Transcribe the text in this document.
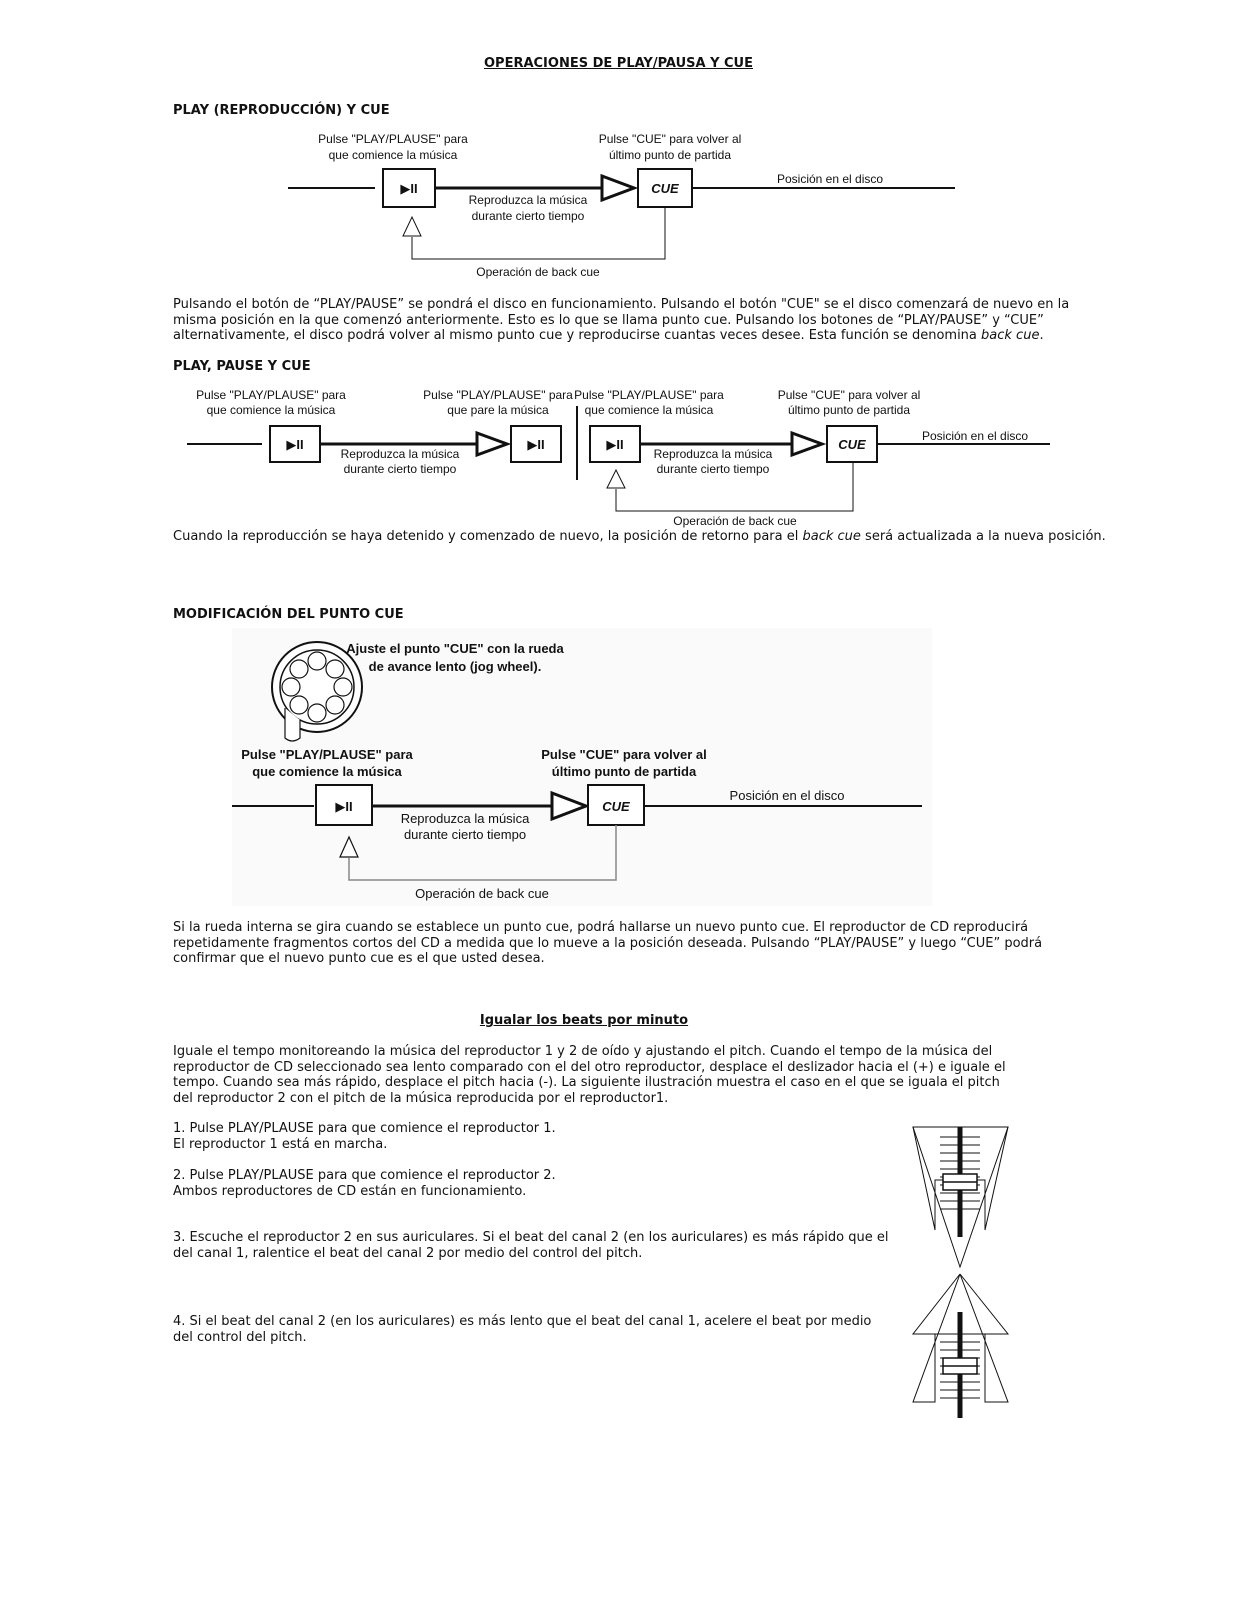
OPERACIONES DE PLAY/PAUSA Y CUE
PLAY (REPRODUCCIÓN) Y CUE
Pulse "PLAY/PLAUSE" para
que comience la música
Pulse "CUE" para volver al
último punto de partida
▶II	CUE
Posición en el disco
Reproduzca la música
durante cierto tiempo
Operación de back cue
Pulsando el botón de “PLAY/PAUSE” se pondrá el disco en funcionamiento. Pulsando el botón "CUE" se el disco comenzará de nuevo en la
misma posición en la que comenzó anteriormente. Esto es lo que se llama punto cue. Pulsando los botones de “PLAY/PAUSE” y “CUE”
alternativamente, el disco podrá volver al mismo punto cue y reproducirse cuantas veces desee. Esta función se denomina back cue.
PLAY, PAUSE Y CUE
Pulse "PLAY/PLAUSE" para
que comience la música
Pulse "PLAY/PLAUSE" para
que pare la música
Pulse "PLAY/PLAUSE" para
que comience la música
Pulse "CUE" para volver al
último punto de partida
▶II	▶II
Reproduzca la música
durante cierto tiempo
▶II	CUE
Posición en el disco
Reproduzca la música
durante cierto tiempo
Operación de back cue
Cuando la reproducción se haya detenido y comenzado de nuevo, la posición de retorno para el back cue será actualizada a la nueva posición.
MODIFICACIÓN DEL PUNTO CUE
Ajuste el punto "CUE" con la rueda
de avance lento (jog wheel).
Pulse "PLAY/PLAUSE" para
que comience la música
Pulse "CUE" para volver al
último punto de partida
▶II	CUE
Posición en el disco
Reproduzca la música
durante cierto tiempo
Operación de back cue
Si la rueda interna se gira cuando se establece un punto cue, podrá hallarse un nuevo punto cue. El reproductor de CD reproducirá
repetidamente fragmentos cortos del CD a medida que lo mueve a la posición deseada. Pulsando “PLAY/PAUSE” y luego “CUE” podrá
confirmar que el nuevo punto cue es el que usted desea.
Igualar los beats por minuto
Iguale el tempo monitoreando la música del reproductor 1 y 2 de oído y ajustando el pitch. Cuando el tempo de la música del
reproductor de CD seleccionado sea lento comparado con el del otro reproductor, desplace el deslizador hacia el (+) e iguale el
tempo. Cuando sea más rápido, desplace el pitch hacia (-). La siguiente ilustración muestra el caso en el que se iguala el pitch
del reproductor 2 con el pitch de la música reproducida por el reproductor1.
1. Pulse PLAY/PLAUSE para que comience el reproductor 1.
El reproductor 1 está en marcha.
2. Pulse PLAY/PLAUSE para que comience el reproductor 2.
Ambos reproductores de CD están en funcionamiento.
3. Escuche el reproductor 2 en sus auriculares. Si el beat del canal 2 (en los auriculares) es más rápido que el
del canal 1, ralentice el beat del canal 2 por medio del control del pitch.
4. Si el beat del canal 2 (en los auriculares) es más lento que el beat del canal 1, acelere el beat por medio
del control del pitch.
